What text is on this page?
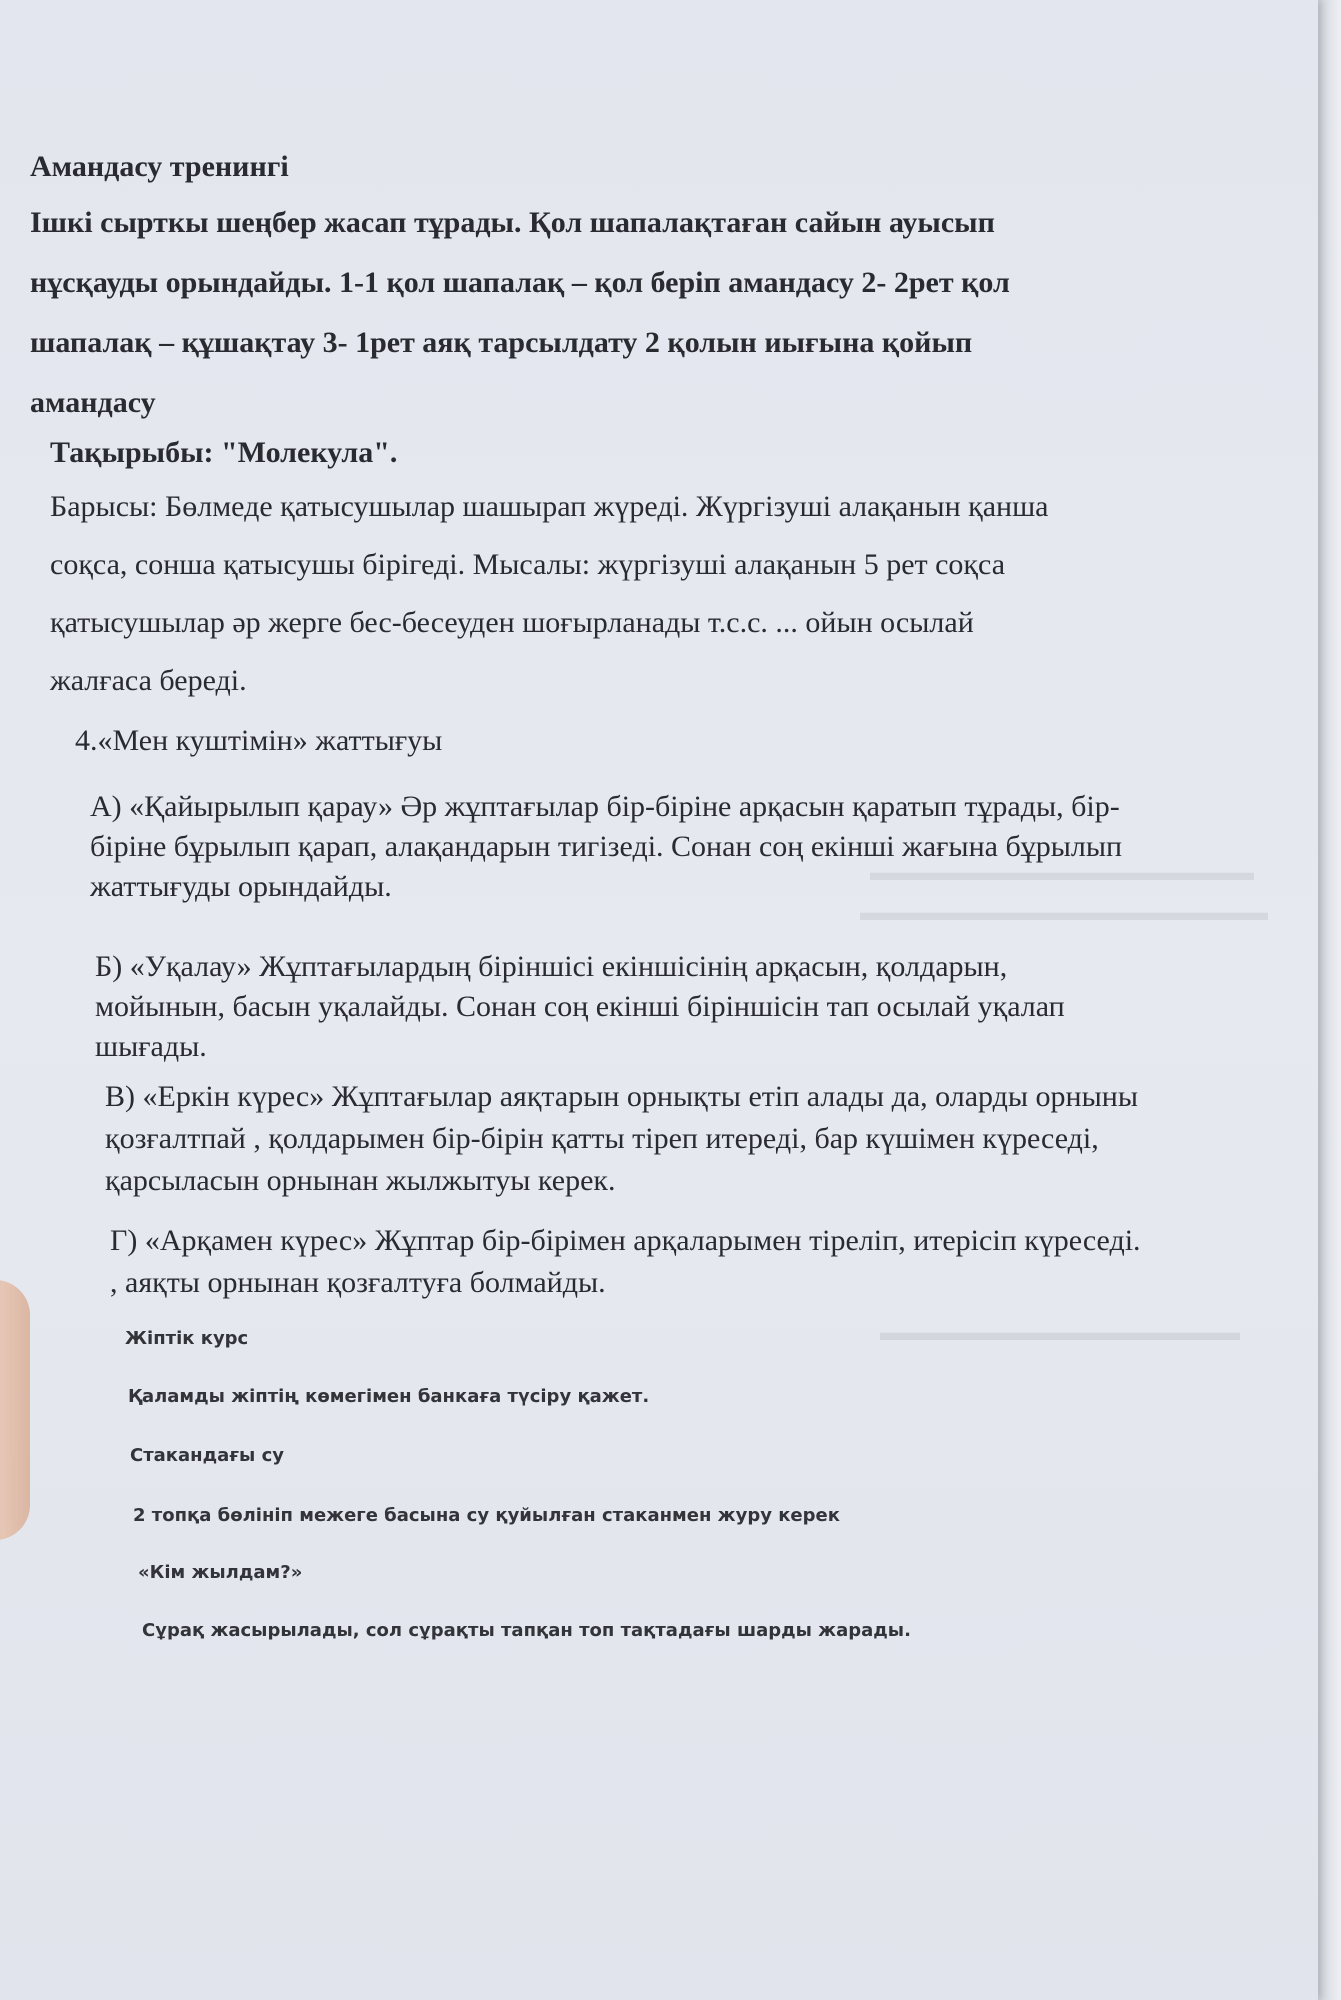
▬▬▬▬▬▬▬▬▬▬▬▬▬▬▬▬
▬▬▬▬▬▬▬▬▬▬▬▬▬▬▬▬▬
▬▬▬▬▬▬▬▬▬▬▬▬▬▬▬

Амандасу тренингі

Ішкі сырткы шеңбер жасап тұрады. Қол шапалақтаған сайын ауысып

нұсқауды орындайды. 1-1 қол шапалақ – қол беріп амандасу 2- 2рет қол

шапалақ – құшақтау 3- 1рет аяқ тарсылдату 2 қолын иығына қойып

амандасу

Тақырыбы: "Молекула".

Барысы: Бөлмеде қатысушылар шашырап жүреді. Жүргізуші алақанын қанша

соқса, сонша қатысушы бірігеді. Мысалы: жүргізуші алақанын 5 рет соқса

қатысушылар әр жерге бес-бесеуден шоғырланады т.с.с. ... ойын осылай

жалғаса береді.

4.«Мен куштімін» жаттығуы

А) «Қайырылып қарау» Әр жұптағылар бір-біріне арқасын қаратып тұрады, бір-

біріне бұрылып қарап, алақандарын тигізеді. Сонан соң екінші жағына бұрылып

жаттығуды орындайды.

Б) «Уқалау» Жұптағылардың біріншісі екіншісінің арқасын, қолдарын,

мойынын, басын уқалайды. Сонан соң екінші біріншісін тап осылай уқалап

шығады.

В) «Еркін күрес» Жұптағылар аяқтарын орнықты етіп алады да, оларды орныны

қозғалтпай , қолдарымен бір-бірін қатты тіреп итереді, бар күшімен күреседі,

қарсыласын орнынан жылжытуы керек.

Г) «Арқамен күрес» Жұптар бір-бірімен арқаларымен тіреліп, итерісіп күреседі.

, аяқты орнынан қозғалтуға болмайды.

Жіптік курс

Қаламды жіптің көмегімен банкаға түсіру қажет.

Стакандағы су

2 топқа бөлініп межеге басына су қуйылған стаканмен журу керек

«Кім жылдам?»

Сұрақ жасырылады, сол сұрақты тапқан топ тақтадағы шарды жарады.
